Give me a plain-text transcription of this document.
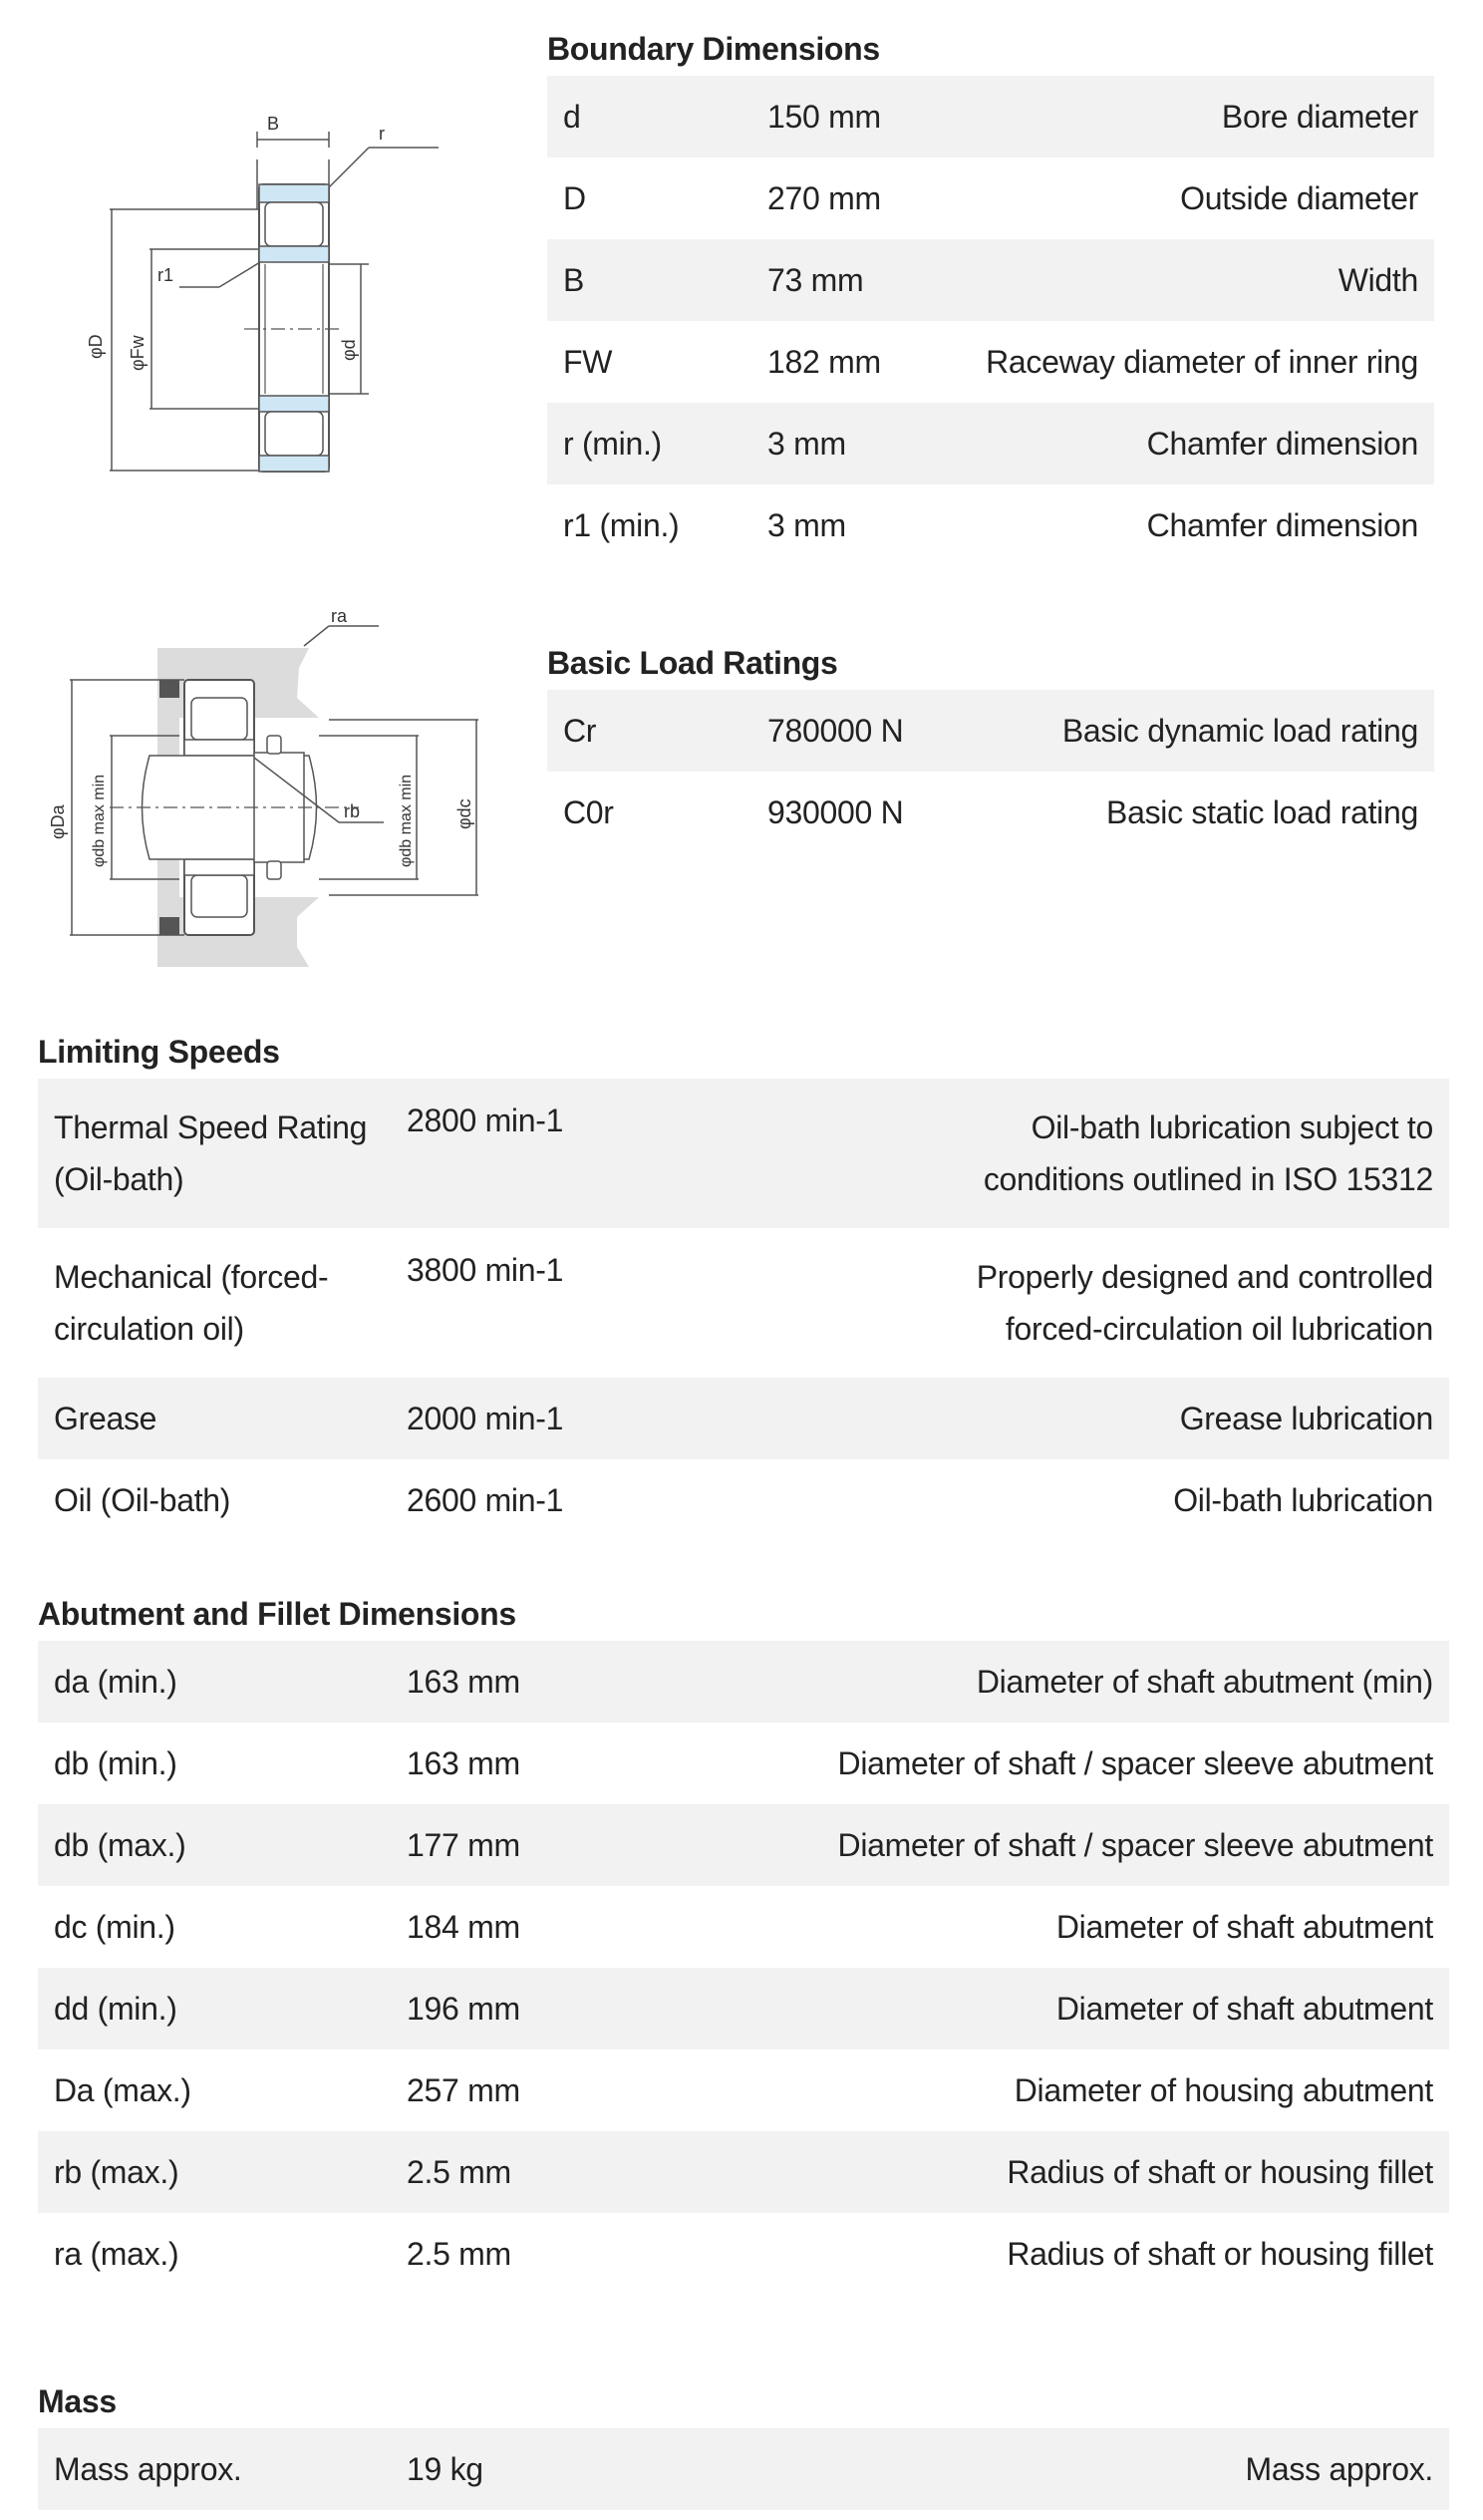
B	r
r1
φD φFw	φd
ra
rb
φDa φdb max min	φdb max min φdc
Boundary Dimensions
d	150 mm	Bore diameter
D	270 mm	Outside diameter
B	73 mm	Width
FW	182 mm	Raceway diameter of inner ring
r (min.)	3 mm	Chamfer dimension
r1 (min.)	3 mm	Chamfer dimension
Basic Load Ratings
Cr	780000 N	Basic dynamic load rating
C0r	930000 N	Basic static load rating
Limiting Speeds
Thermal Speed Rating (Oil-bath)	2800 min-1	Oil-bath lubrication subject to conditions outlined in ISO 15312
Mechanical (forced-circulation oil)	3800 min-1	Properly designed and controlled forced-circulation oil lubrication
Grease	2000 min-1	Grease lubrication
Oil (Oil-bath)	2600 min-1	Oil-bath lubrication
Abutment and Fillet Dimensions
da (min.)	163 mm	Diameter of shaft abutment (min)
db (min.)	163 mm	Diameter of shaft / spacer sleeve abutment
db (max.)	177 mm	Diameter of shaft / spacer sleeve abutment
dc (min.)	184 mm	Diameter of shaft abutment
dd (min.)	196 mm	Diameter of shaft abutment
Da (max.)	257 mm	Diameter of housing abutment
rb (max.)	2.5 mm	Radius of shaft or housing fillet
ra (max.)	2.5 mm	Radius of shaft or housing fillet
Mass
Mass approx.	19 kg	Mass approx.
